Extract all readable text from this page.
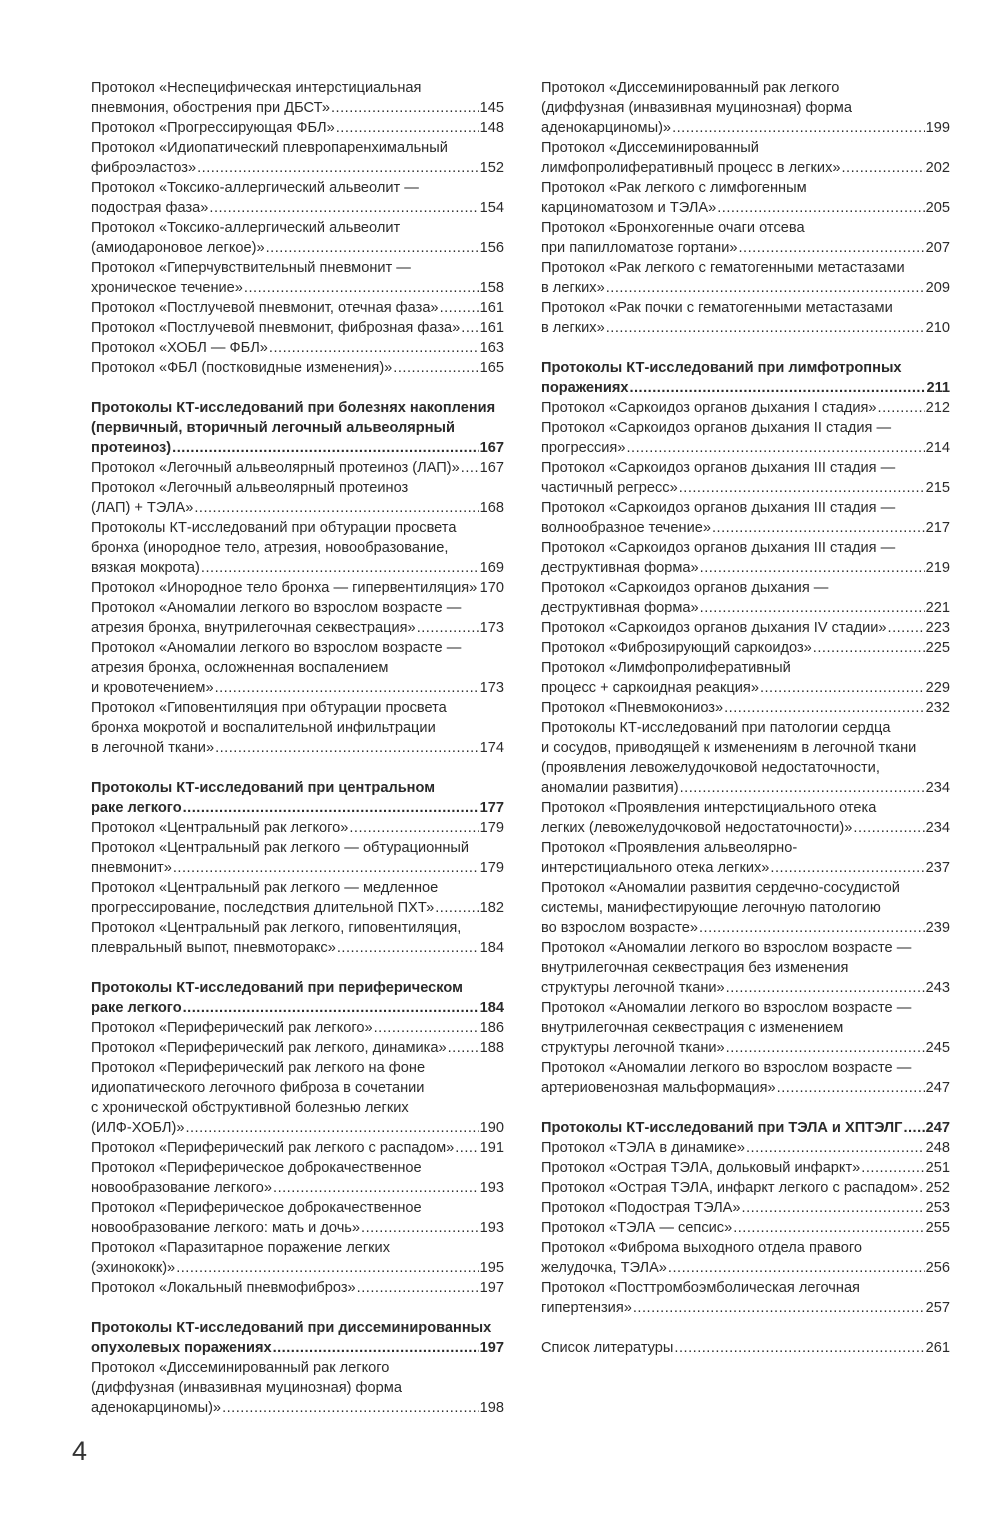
Протокол «Неспецифическая интерстициальная
пневмония, обострения при ДБСТ» .....	145
Протокол «Прогрессирующая ФБЛ» .....	148
Протокол «Идиопатический плевропаренхимальный
фиброэластоз» .....	152
Протокол «Токсико-аллергический альвеолит —
подострая фаза» .....	154
Протокол «Токсико-аллергический альвеолит
(амиодароновое легкое)» .....	156
Протокол «Гиперчувствительный пневмонит —
хроническое течение» .....	158
Протокол «Постлучевой пневмонит, отечная фаза» .....	161
Протокол «Постлучевой пневмонит, фиброзная фаза» ..... 161
Протокол «ХОБЛ — ФБЛ» .....	163
Протокол «ФБЛ (постковидные изменения)» .....	165
Протоколы КТ-исследований при болезнях накопления
(первичный, вторичный легочный альвеолярный
протеиноз) .....	167
Протокол «Легочный альвеолярный протеиноз (ЛАП)» ..... 167
Протокол «Легочный альвеолярный протеиноз
(ЛАП) + ТЭЛА» .....	168
Протоколы КТ-исследований при обтурации просвета
бронха (инородное тело, атрезия, новообразование,
вязкая мокрота) .....	169
Протокол «Инородное тело бронха — гипервентиляция» ..... 170
Протокол «Аномалии легкого во взрослом возрасте —
атрезия бронха, внутрилегочная секвестрация» .....	173
Протокол «Аномалии легкого во взрослом возрасте —
атрезия бронха, осложненная воспалением
и кровотечением» .....	173
Протокол «Гиповентиляция при обтурации просвета
бронха мокротой и воспалительной инфильтрации
в легочной ткани» .....	174
Протоколы КТ-исследований при центральном
раке легкого .....	177
Протокол «Центральный рак легкого» .....	179
Протокол «Центральный рак легкого — обтурационный
пневмонит» .....	179
Протокол «Центральный рак легкого — медленное
прогрессирование, последствия длительной ПХТ» .....	182
Протокол «Центральный рак легкого, гиповентиляция,
плевральный выпот, пневмоторакс» .....	184
Протоколы КТ-исследований при периферическом
раке легкого .....	184
Протокол «Периферический рак легкого» .....	186
Протокол «Периферический рак легкого, динамика» ..... 188
Протокол «Периферический рак легкого на фоне
идиопатического легочного фиброза в сочетании
с хронической обструктивной болезнью легких
(ИЛФ-ХОБЛ)» .....	190
Протокол «Периферический рак легкого с распадом» ..... 191
Протокол «Периферическое доброкачественное
новообразование легкого» .....	193
Протокол «Периферическое доброкачественное
новообразование легкого: мать и дочь» .....	193
Протокол «Паразитарное поражение легких
(эхинококк)» .....	195
Протокол «Локальный пневмофиброз» .....	197
Протоколы КТ-исследований при диссеминированных
опухолевых поражениях .....	197
Протокол «Диссеминированный рак легкого
(диффузная (инвазивная муцинозная) форма
аденокарциномы)» .....	198
Протокол «Диссеминированный рак легкого
(диффузная (инвазивная муцинозная) форма
аденокарциномы)» .....	199
Протокол «Диссеминированный
лимфопролиферативный процесс в легких» .....	202
Протокол «Рак легкого с лимфогенным
карциноматозом и ТЭЛА» .....	205
Протокол «Бронхогенные очаги отсева
при папилломатозе гортани» .....	207
Протокол «Рак легкого с гематогенными метастазами
в легких» .....	209
Протокол «Рак почки с гематогенными метастазами
в легких» .....	210
Протоколы КТ-исследований при лимфотропных
поражениях .....	211
Протокол «Саркоидоз органов дыхания I стадия» .....	212
Протокол «Саркоидоз органов дыхания II стадия —
прогрессия» .....	214
Протокол «Саркоидоз органов дыхания III стадия —
частичный регресс» .....	215
Протокол «Саркоидоз органов дыхания III стадия —
волнообразное течение» .....	217
Протокол «Саркоидоз органов дыхания III стадия —
деструктивная форма» .....	219
Протокол «Саркоидоз органов дыхания —
деструктивная форма» .....	221
Протокол «Саркоидоз органов дыхания IV стадии» .....	223
Протокол «Фиброзирующий саркоидоз» .....	225
Протокол «Лимфопролиферативный
процесс + саркоидная реакция» .....	229
Протокол «Пневмокониоз» .....	232
Протоколы КТ-исследований при патологии сердца
и сосудов, приводящей к изменениям в легочной ткани
(проявления левожелудочковой недостаточности,
аномалии развития) .....	234
Протокол «Проявления интерстициального отека
легких (левожелудочковой недостаточности)» .....	234
Протокол «Проявления альвеолярно-
интерстициального отека легких» .....	237
Протокол «Аномалии развития сердечно-сосудистой
системы, манифестирующие легочную патологию
во взрослом возрасте» .....	239
Протокол «Аномалии легкого во взрослом возрасте —
внутрилегочная секвестрация без изменения
структуры легочной ткани» .....	243
Протокол «Аномалии легкого во взрослом возрасте —
внутрилегочная секвестрация с изменением
структуры легочной ткани» .....	245
Протокол «Аномалии легкого во взрослом возрасте —
артериовенозная мальформация» .....	247
Протоколы КТ-исследований при ТЭЛА и ХПТЭЛГ ..... 247
Протокол «ТЭЛА в динамике» .....	248
Протокол «Острая ТЭЛА, дольковый инфаркт» .....	251
Протокол «Острая ТЭЛА, инфаркт легкого с распадом» ..... 252
Протокол «Подострая ТЭЛА» .....	253
Протокол «ТЭЛА — сепсис» .....	255
Протокол «Фиброма выходного отдела правого
желудочка, ТЭЛА» .....	256
Протокол «Посттромбоэмболическая легочная
гипертензия» .....	257
Список литературы .....	261
4
